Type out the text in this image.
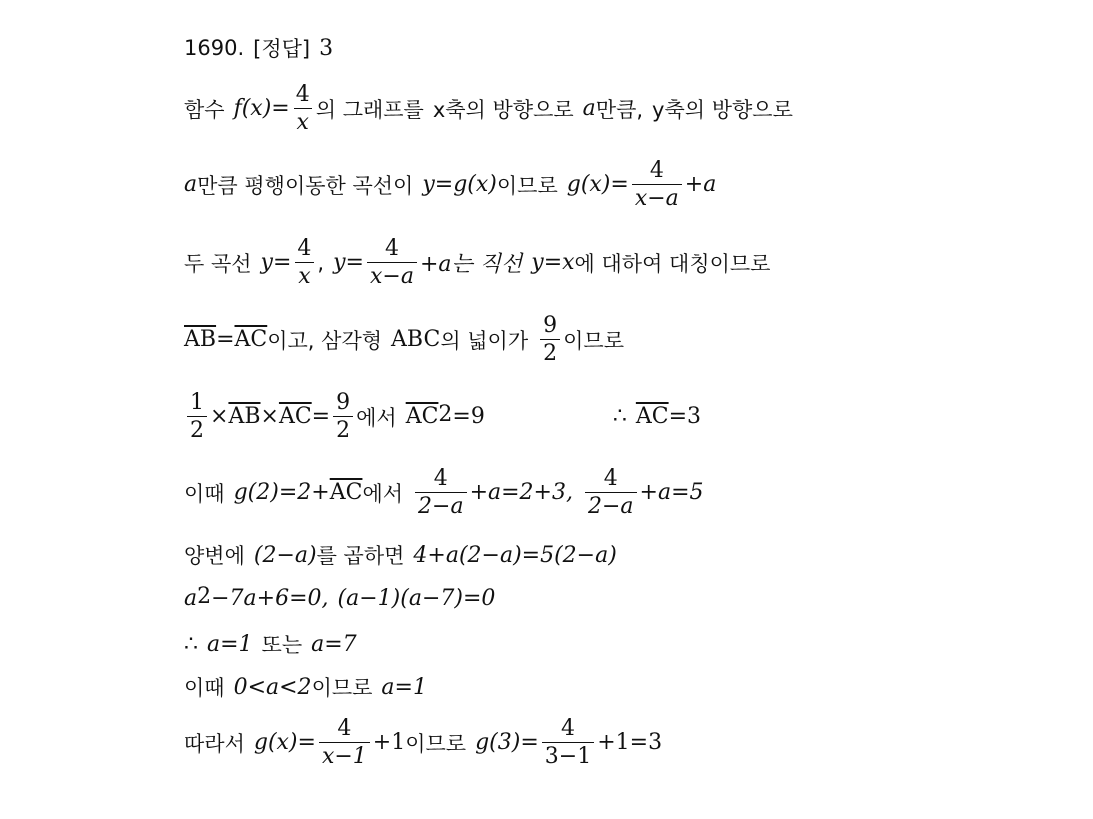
1690. [정답] 3
함수 $f(x)= \frac{4}{x}$ 의 그래프를 x축의 방향으로 a 만큼, y축의 방향으로
a 만큼 평행이동한 곡선이 y=g(x) 이므로 $g(x)= \frac{4}{x-a} +a$
두 곡선 $y= \frac{4}{x}$ , $y= \frac{4}{x-a} +a$는 직선 y=x 에 대하여 대칭이므로
$\overline{AB} = \overline{AC}$ 이고, 삼각형 ABC 의 넓이가 $\frac{9}{2}$ 이므로
$\frac{1}{2} \times \overline{AB} \times \overline{AC} = \frac{9}{2}$ 에서 $\overline{AC}^2 =9$	∴ $\overline{AC} =3$
이때 $g(2)=2+ \overline{AC}$ 에서 $\frac{4}{2-a} +a=2+3$, $\frac{4}{2-a} +a=5$
양변에 (2−a) 를 곱하면 4+a(2−a)=5(2−a)
$a^2 -7a+6=0$, (a−1)(a−7)=0
∴ a=1 또는 a=7
이때 0<a<2 이므로 a=1
따라서 $g(x)= \frac{4}{x-1} +1$ 이므로 $g(3)= \frac{4}{3-1} +1=3$
